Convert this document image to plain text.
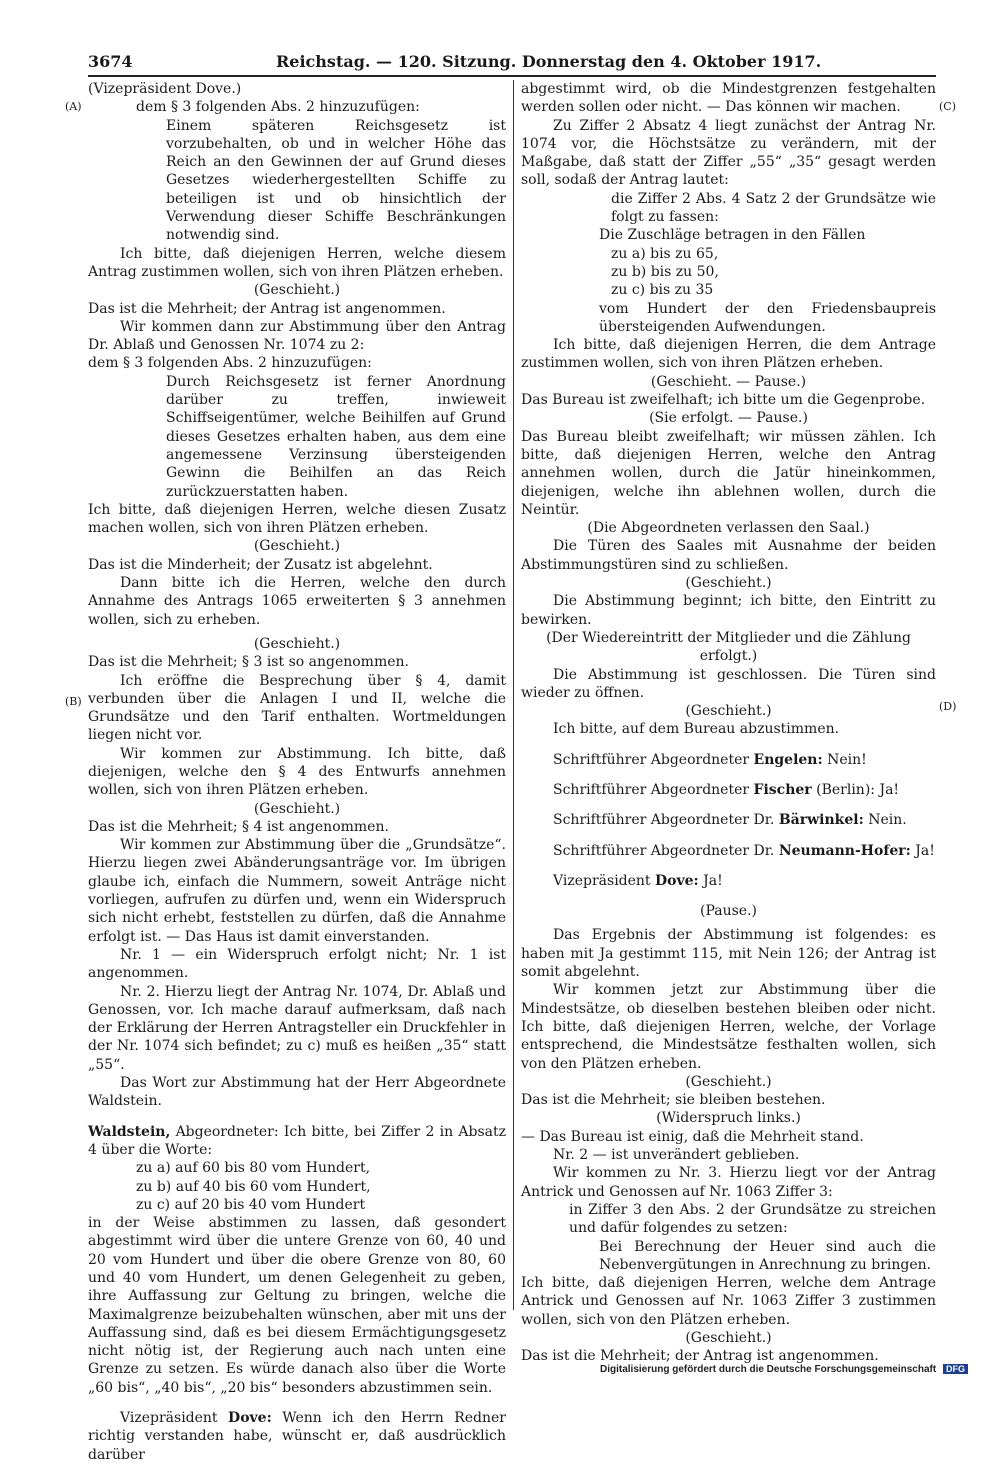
3674	Reichstag. — 120. Sitzung. Donnerstag den 4. Oktober 1917.
(A)
(B)
(C)
(D)

(Vizepräsident Dove.)

dem § 3 folgenden Abs. 2 hinzuzufügen:

Einem späteren Reichsgesetz ist vorzubehalten, ob und in welcher Höhe das Reich an den Gewinnen der auf Grund dieses Gesetzes wiederhergestellten Schiffe zu beteiligen ist und ob hinsichtlich der Verwendung dieser Schiffe Beschränkungen notwendig sind.

Ich bitte, daß diejenigen Herren, welche diesem Antrag zustimmen wollen, sich von ihren Plätzen erheben.

(Geschieht.)

Das ist die Mehrheit; der Antrag ist angenommen.

Wir kommen dann zur Abstimmung über den Antrag Dr. Ablaß und Genossen Nr. 1074 zu 2:

dem § 3 folgenden Abs. 2 hinzuzufügen:

Durch Reichsgesetz ist ferner Anordnung darüber zu treffen, inwieweit Schiffseigentümer, welche Beihilfen auf Grund dieses Gesetzes erhalten haben, aus dem eine angemessene Verzinsung übersteigenden Gewinn die Beihilfen an das Reich zurückzuerstatten haben.

Ich bitte, daß diejenigen Herren, welche diesen Zusatz machen wollen, sich von ihren Plätzen erheben.

(Geschieht.)

Das ist die Minderheit; der Zusatz ist abgelehnt.

Dann bitte ich die Herren, welche den durch Annahme des Antrags 1065 erweiterten § 3 annehmen wollen, sich zu erheben.

(Geschieht.)

Das ist die Mehrheit; § 3 ist so angenommen.

Ich eröffne die Besprechung über § 4, damit verbunden über die Anlagen I und II, welche die Grundsätze und den Tarif enthalten. Wortmeldungen liegen nicht vor.

Wir kommen zur Abstimmung. Ich bitte, daß diejenigen, welche den § 4 des Entwurfs annehmen wollen, sich von ihren Plätzen erheben.

(Geschieht.)

Das ist die Mehrheit; § 4 ist angenommen.

Wir kommen zur Abstimmung über die „Grundsätze“. Hierzu liegen zwei Abänderungsanträge vor. Im übrigen glaube ich, einfach die Nummern, soweit Anträge nicht vorliegen, aufrufen zu dürfen und, wenn ein Widerspruch sich nicht erhebt, feststellen zu dürfen, daß die Annahme erfolgt ist. — Das Haus ist damit einverstanden.

Nr. 1 — ein Widerspruch erfolgt nicht; Nr. 1 ist angenommen.

Nr. 2. Hierzu liegt der Antrag Nr. 1074, Dr. Ablaß und Genossen, vor. Ich mache darauf aufmerksam, daß nach der Erklärung der Herren Antragsteller ein Druckfehler in der Nr. 1074 sich befindet; zu c) muß es heißen „35“ statt „55“.

Das Wort zur Abstimmung hat der Herr Abgeordnete Waldstein.

Waldstein, Abgeordneter: Ich bitte, bei Ziffer 2 in Absatz 4 über die Worte:

zu a) auf 60 bis 80 vom Hundert,

zu b) auf 40 bis 60 vom Hundert,

zu c) auf 20 bis 40 vom Hundert

in der Weise abstimmen zu lassen, daß gesondert abgestimmt wird über die untere Grenze von 60, 40 und 20 vom Hundert und über die obere Grenze von 80, 60 und 40 vom Hundert, um denen Gelegenheit zu geben, ihre Auffassung zur Geltung zu bringen, welche die Maximalgrenze beizubehalten wünschen, aber mit uns der Auffassung sind, daß es bei diesem Ermächtigungsgesetz nicht nötig ist, der Regierung auch nach unten eine Grenze zu setzen. Es würde danach also über die Worte „60 bis“, „40 bis“, „20 bis“ besonders abzustimmen sein.

Vizepräsident Dove: Wenn ich den Herrn Redner richtig verstanden habe, wünscht er, daß ausdrücklich darüber

abgestimmt wird, ob die Mindestgrenzen festgehalten werden sollen oder nicht. — Das können wir machen.

Zu Ziffer 2 Absatz 4 liegt zunächst der Antrag Nr. 1074 vor, die Höchstsätze zu verändern, mit der Maßgabe, daß statt der Ziffer „55“ „35“ gesagt werden soll, sodaß der Antrag lautet:

die Ziffer 2 Abs. 4 Satz 2 der Grundsätze wie folgt zu fassen:

Die Zuschläge betragen in den Fällen

zu a) bis zu 65,

zu b) bis zu 50,

zu c) bis zu 35

vom Hundert der den Friedensbaupreis übersteigenden Aufwendungen.

Ich bitte, daß diejenigen Herren, die dem Antrage zustimmen wollen, sich von ihren Plätzen erheben.

(Geschieht. — Pause.)

Das Bureau ist zweifelhaft; ich bitte um die Gegenprobe.

(Sie erfolgt. — Pause.)

Das Bureau bleibt zweifelhaft; wir müssen zählen. Ich bitte, daß diejenigen Herren, welche den Antrag annehmen wollen, durch die Jatür hineinkommen, diejenigen, welche ihn ablehnen wollen, durch die Neintür.

(Die Abgeordneten verlassen den Saal.)

Die Türen des Saales mit Ausnahme der beiden Abstimmungstüren sind zu schließen.

(Geschieht.)

Die Abstimmung beginnt; ich bitte, den Eintritt zu bewirken.

(Der Wiedereintritt der Mitglieder und die Zählung erfolgt.)

Die Abstimmung ist geschlossen. Die Türen sind wieder zu öffnen.

(Geschieht.)

Ich bitte, auf dem Bureau abzustimmen.

Schriftführer Abgeordneter Engelen: Nein!

Schriftführer Abgeordneter Fischer (Berlin): Ja!

Schriftführer Abgeordneter Dr. Bärwinkel: Nein.

Schriftführer Abgeordneter Dr. Neumann-Hofer: Ja!

Vizepräsident Dove: Ja!

(Pause.)

Das Ergebnis der Abstimmung ist folgendes: es haben mit Ja gestimmt 115, mit Nein 126; der Antrag ist somit abgelehnt.

Wir kommen jetzt zur Abstimmung über die Mindestsätze, ob dieselben bestehen bleiben oder nicht. Ich bitte, daß diejenigen Herren, welche, der Vorlage entsprechend, die Mindestsätze festhalten wollen, sich von den Plätzen erheben.

(Geschieht.)

Das ist die Mehrheit; sie bleiben bestehen.

(Widerspruch links.)

— Das Bureau ist einig, daß die Mehrheit stand.

Nr. 2 — ist unverändert geblieben.

Wir kommen zu Nr. 3. Hierzu liegt vor der Antrag Antrick und Genossen auf Nr. 1063 Ziffer 3:

in Ziffer 3 den Abs. 2 der Grundsätze zu streichen und dafür folgendes zu setzen:

Bei Berechnung der Heuer sind auch die Nebenvergütungen in Anrechnung zu bringen.

Ich bitte, daß diejenigen Herren, welche dem Antrage Antrick und Genossen auf Nr. 1063 Ziffer 3 zustimmen wollen, sich von den Plätzen erheben.

(Geschieht.)

Das ist die Mehrheit; der Antrag ist angenommen.

Digitalisierung gefördert durch die Deutsche Forschungsgemeinschaft DFG
